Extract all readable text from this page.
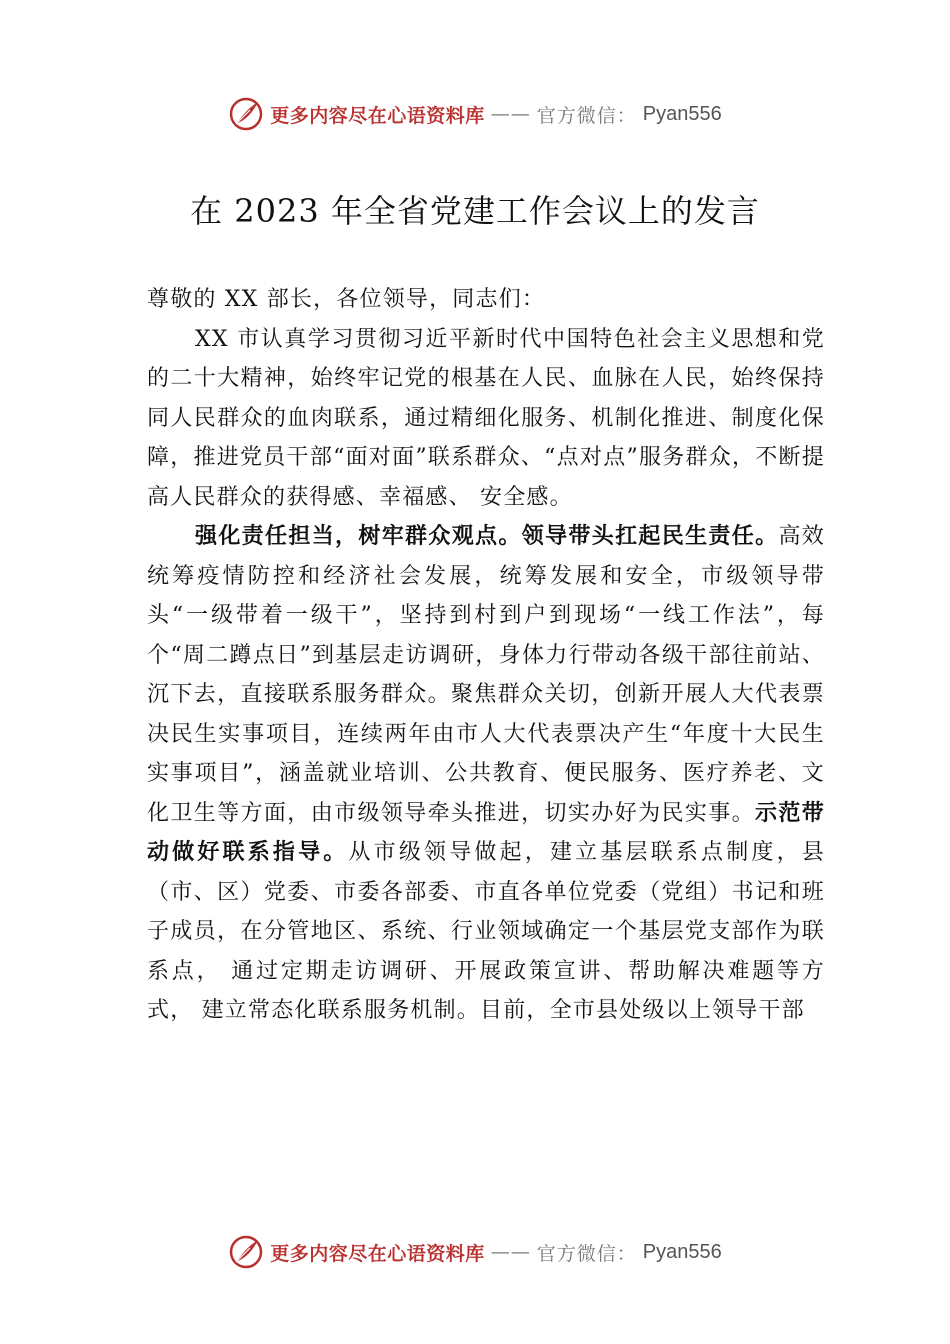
更多内容尽在心语资料库 —— 官方微信： Pyan556
在 2023 年全省党建工作会议上的发言

尊敬的 XX 部长，各位领导，同志们：

XX 市认真学习贯彻习近平新时代中国特色社会主义思想和党的二十大精神，始终牢记党的根基在人民、血脉在人民，始终保持同人民群众的血肉联系，通过精细化服务、机制化推进、制度化保障，推进党员干部“面对面”联系群众、“点对点”服务群众，不断提高人民群众的获得感、幸福感、 安全感。

强化责任担当，树牢群众观点。领导带头扛起民生责任。高效统筹疫情防控和经济社会发展，统筹发展和安全，市级领导带头“一级带着一级干”，坚持到村到户到现场“一线工作法”，每个“周二蹲点日”到基层走访调研，身体力行带动各级干部往前站、沉下去，直接联系服务群众。聚焦群众关切，创新开展人大代表票决民生实事项目，连续两年由市人大代表票决产生“年度十大民生实事项目”，涵盖就业培训、公共教育、便民服务、医疗养老、文化卫生等方面，由市级领导牵头推进，切实办好为民实事。示范带动做好联系指导。从市级领导做起，建立基层联系点制度，县（市、区）党委、市委各部委、市直各单位党委（党组）书记和班子成员，在分管地区、系统、行业领域确定一个基层党支部作为联系点， 通过定期走访调研、开展政策宣讲、帮助解决难题等方式， 建立常态化联系服务机制。目前，全市县处级以上领导干部

更多内容尽在心语资料库 —— 官方微信： Pyan556
